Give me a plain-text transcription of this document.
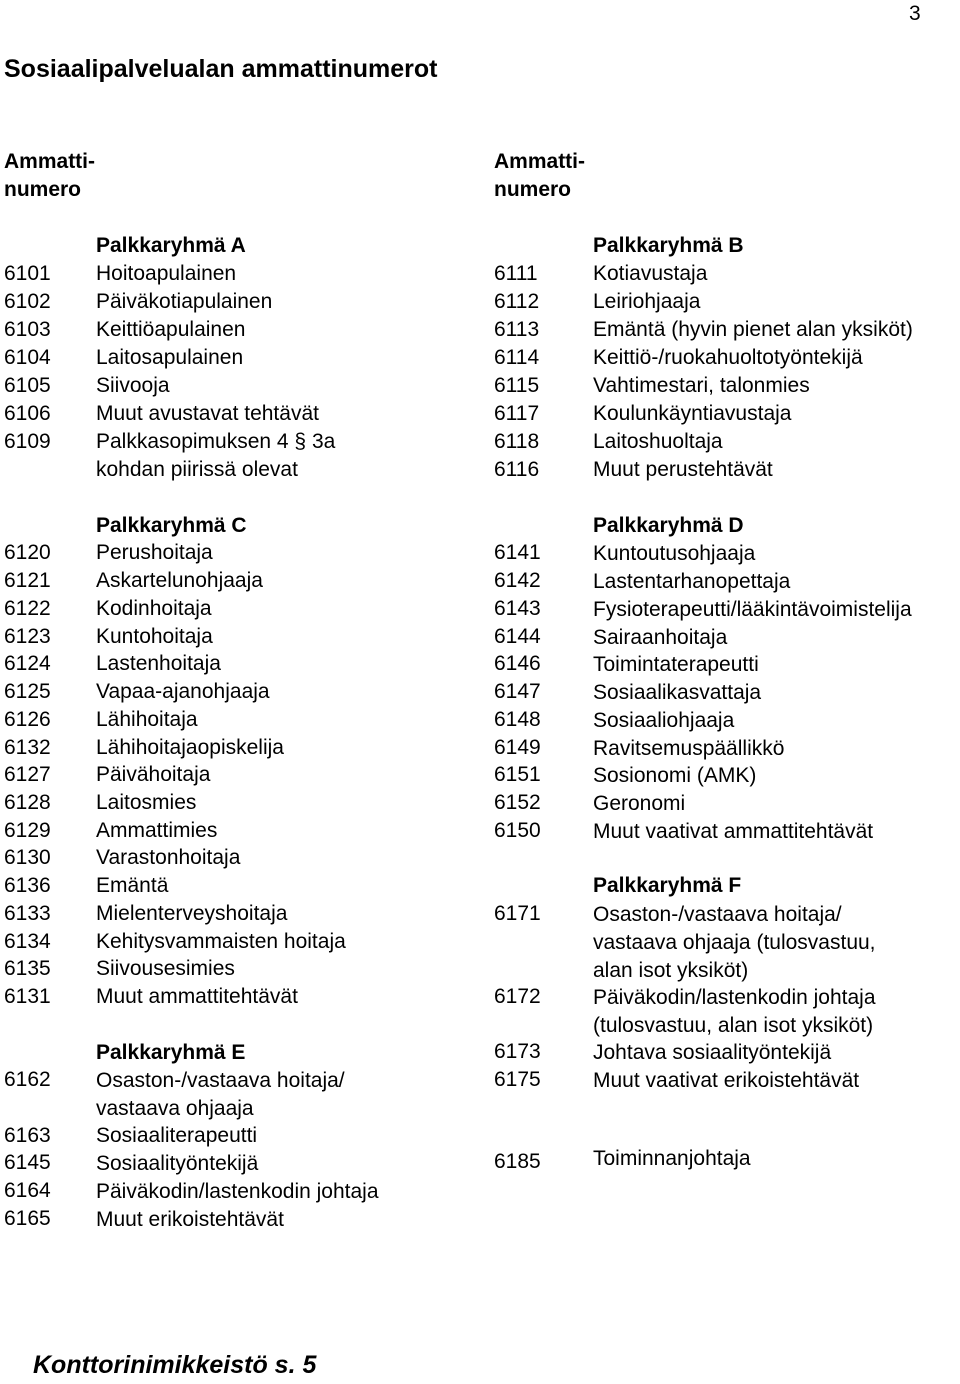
3
Sosiaalipalvelualan ammattinumerot
Ammatti-
numero
Ammatti-
numero
Palkkaryhmä A
6101 Hoitoapulainen
6102 Päiväkotiapulainen
6103 Keittiöapulainen
6104 Laitosapulainen
6105 Siivooja
6106 Muut avustavat tehtävät
6109 Palkkasopimuksen 4 § 3a
kohdan piirissä olevat
Palkkaryhmä B
6111	Kotiavustaja
6112	Leiriohjaaja
6113	Emäntä (hyvin pienet alan yksiköt)
6114	Keittiö-/ruokahuoltotyöntekijä
6115	Vahtimestari, talonmies
6117	Koulunkäyntiavustaja
6118	Laitoshuoltaja
6116	Muut perustehtävät
Palkkaryhmä C
6120 Perushoitaja
6121 Askartelunohjaaja
6122 Kodinhoitaja
6123 Kuntohoitaja
6124 Lastenhoitaja
6125 Vapaa-ajanohjaaja
6126 Lähihoitaja
6132 Lähihoitajaopiskelija
6127 Päivähoitaja
6128 Laitosmies
6129 Ammattimies
6130 Varastonhoitaja
6136 Emäntä
6133 Mielenterveyshoitaja
6134 Kehitysvammaisten hoitaja
6135 Siivousesimies
6131 Muut ammattitehtävät
Palkkaryhmä D
6141 Kuntoutusohjaaja
6142 Lastentarhanopettaja
6143 Fysioterapeutti/lääkintävoimistelija
6144 Sairaanhoitaja
6146 Toimintaterapeutti
6147 Sosiaalikasvattaja
6148 Sosiaaliohjaaja
6149 Ravitsemuspäällikkö
6151 Sosionomi (AMK)
6152 Geronomi
6150 Muut vaativat ammattitehtävät
Palkkaryhmä F
6171 Osaston-/vastaava hoitaja/
vastaava ohjaaja (tulosvastuu,
alan isot yksiköt)
6172 Päiväkodin/lastenkodin johtaja
(tulosvastuu, alan isot yksiköt)
6173 Johtava sosiaalityöntekijä
6175 Muut vaativat erikoistehtävät
6185 Toiminnanjohtaja
Palkkaryhmä E
6162 Osaston-/vastaava hoitaja/
vastaava ohjaaja
6163 Sosiaaliterapeutti
6145 Sosiaalityöntekijä
6164 Päiväkodin/lastenkodin johtaja
6165 Muut erikoistehtävät
Konttorinimikkeistö s. 5
